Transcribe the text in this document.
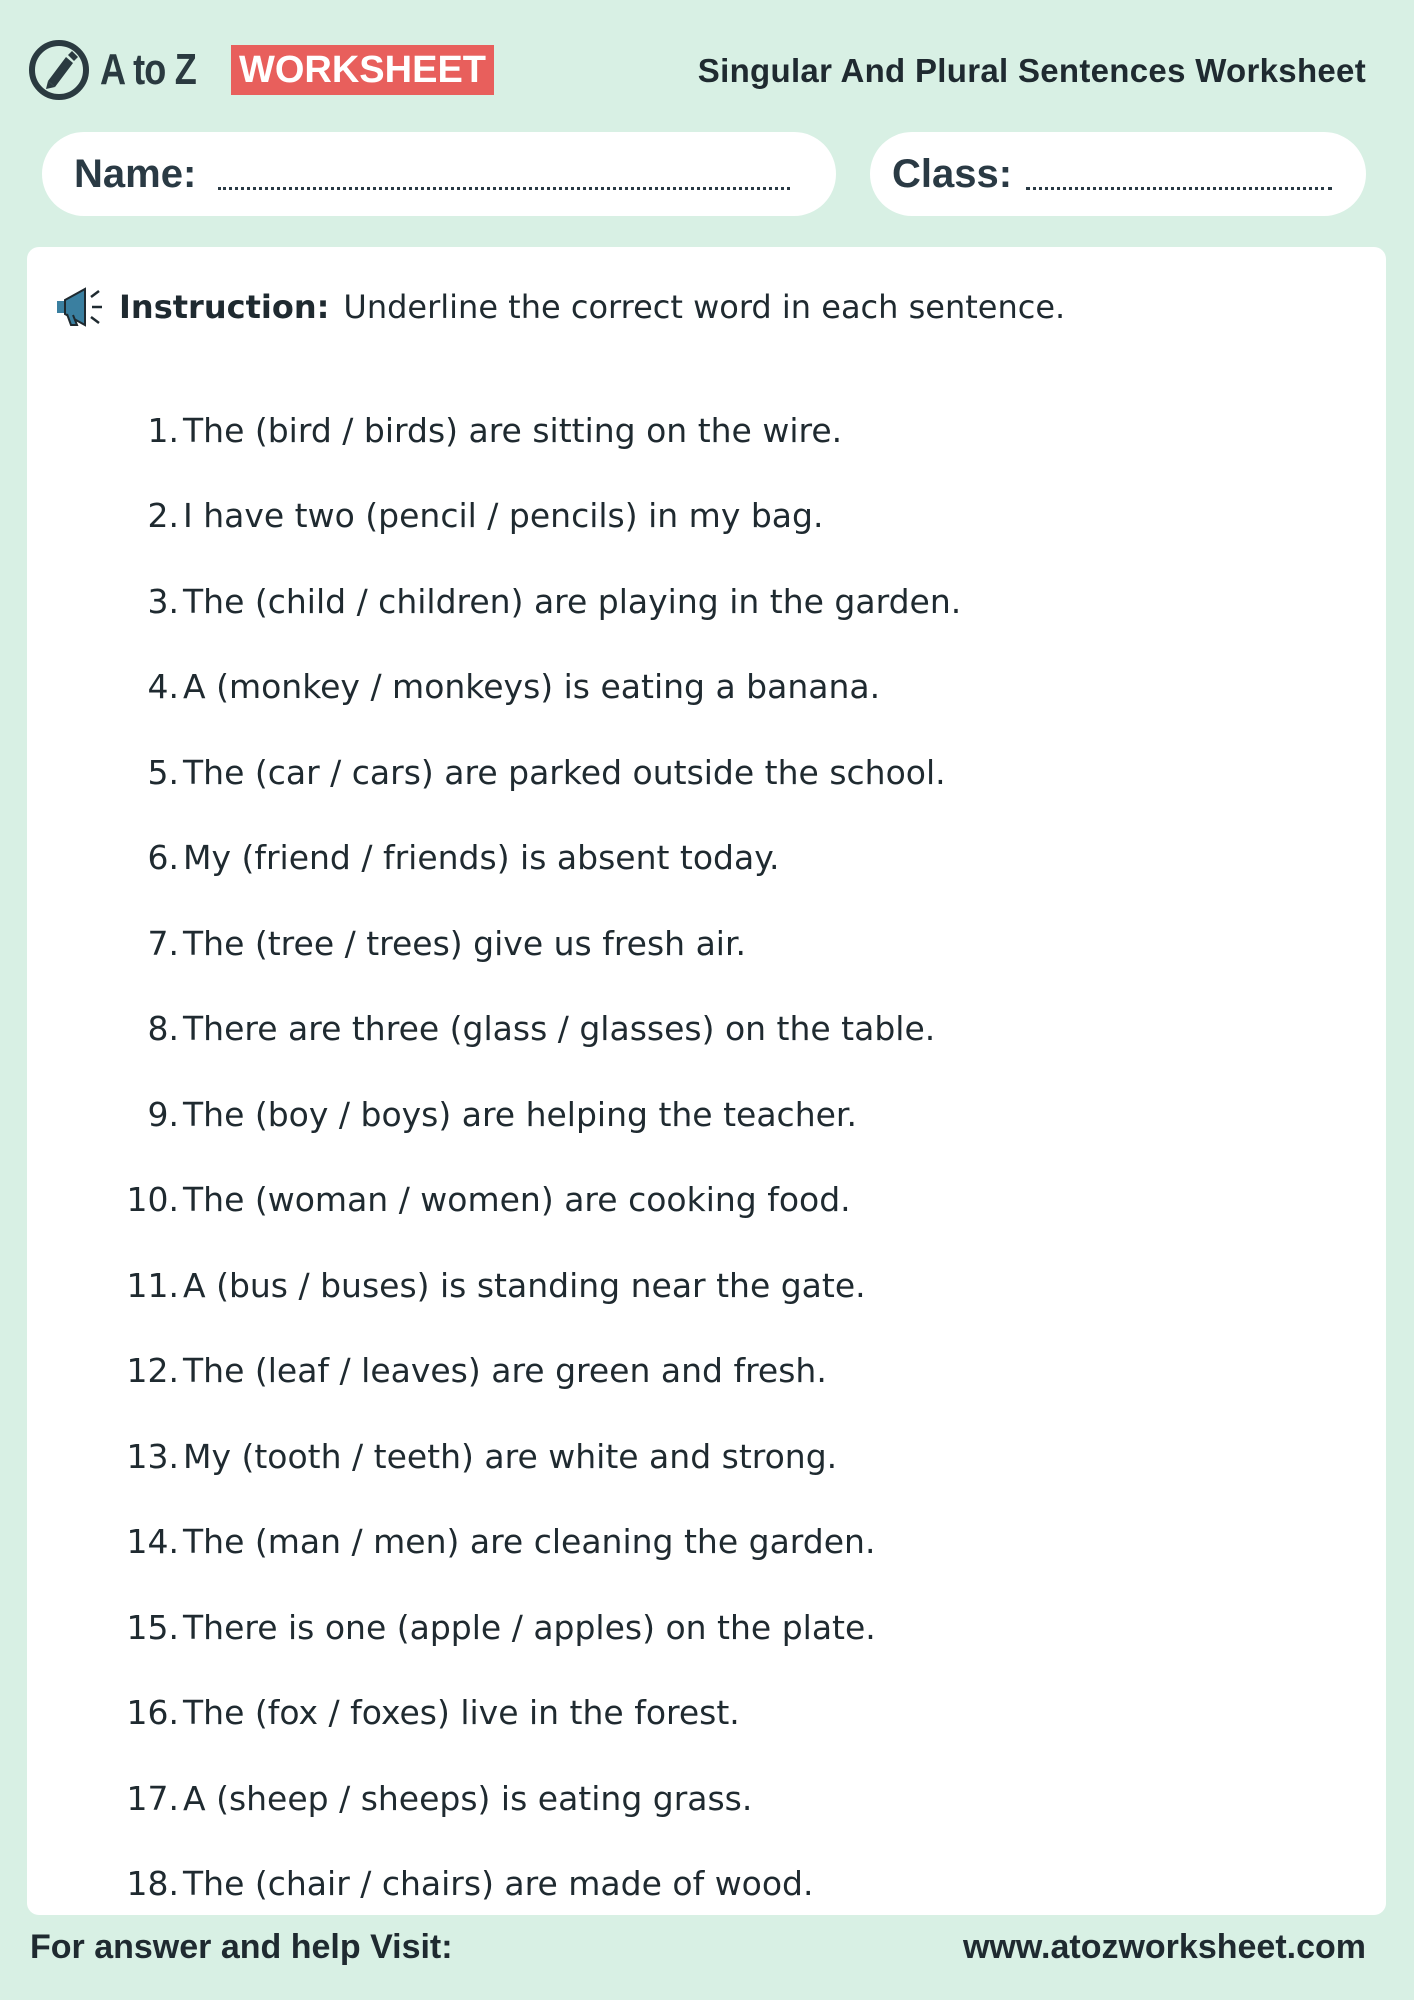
A to Z WORKSHEET	Singular And Plural Sentences Worksheet
Name:	Class:
Instruction: Underline the correct word in each sentence.
1. The (bird / birds) are sitting on the wire.
2. I have two (pencil / pencils) in my bag.
3. The (child / children) are playing in the garden.
4. A (monkey / monkeys) is eating a banana.
5. The (car / cars) are parked outside the school.
6. My (friend / friends) is absent today.
7. The (tree / trees) give us fresh air.
8. There are three (glass / glasses) on the table.
9. The (boy / boys) are helping the teacher.
10. The (woman / women) are cooking food.
11. A (bus / buses) is standing near the gate.
12. The (leaf / leaves) are green and fresh.
13. My (tooth / teeth) are white and strong.
14. The (man / men) are cleaning the garden.
15. There is one (apple / apples) on the plate.
16. The (fox / foxes) live in the forest.
17. A (sheep / sheeps) is eating grass.
18. The (chair / chairs) are made of wood.
For answer and help Visit:	www.atozworksheet.com
